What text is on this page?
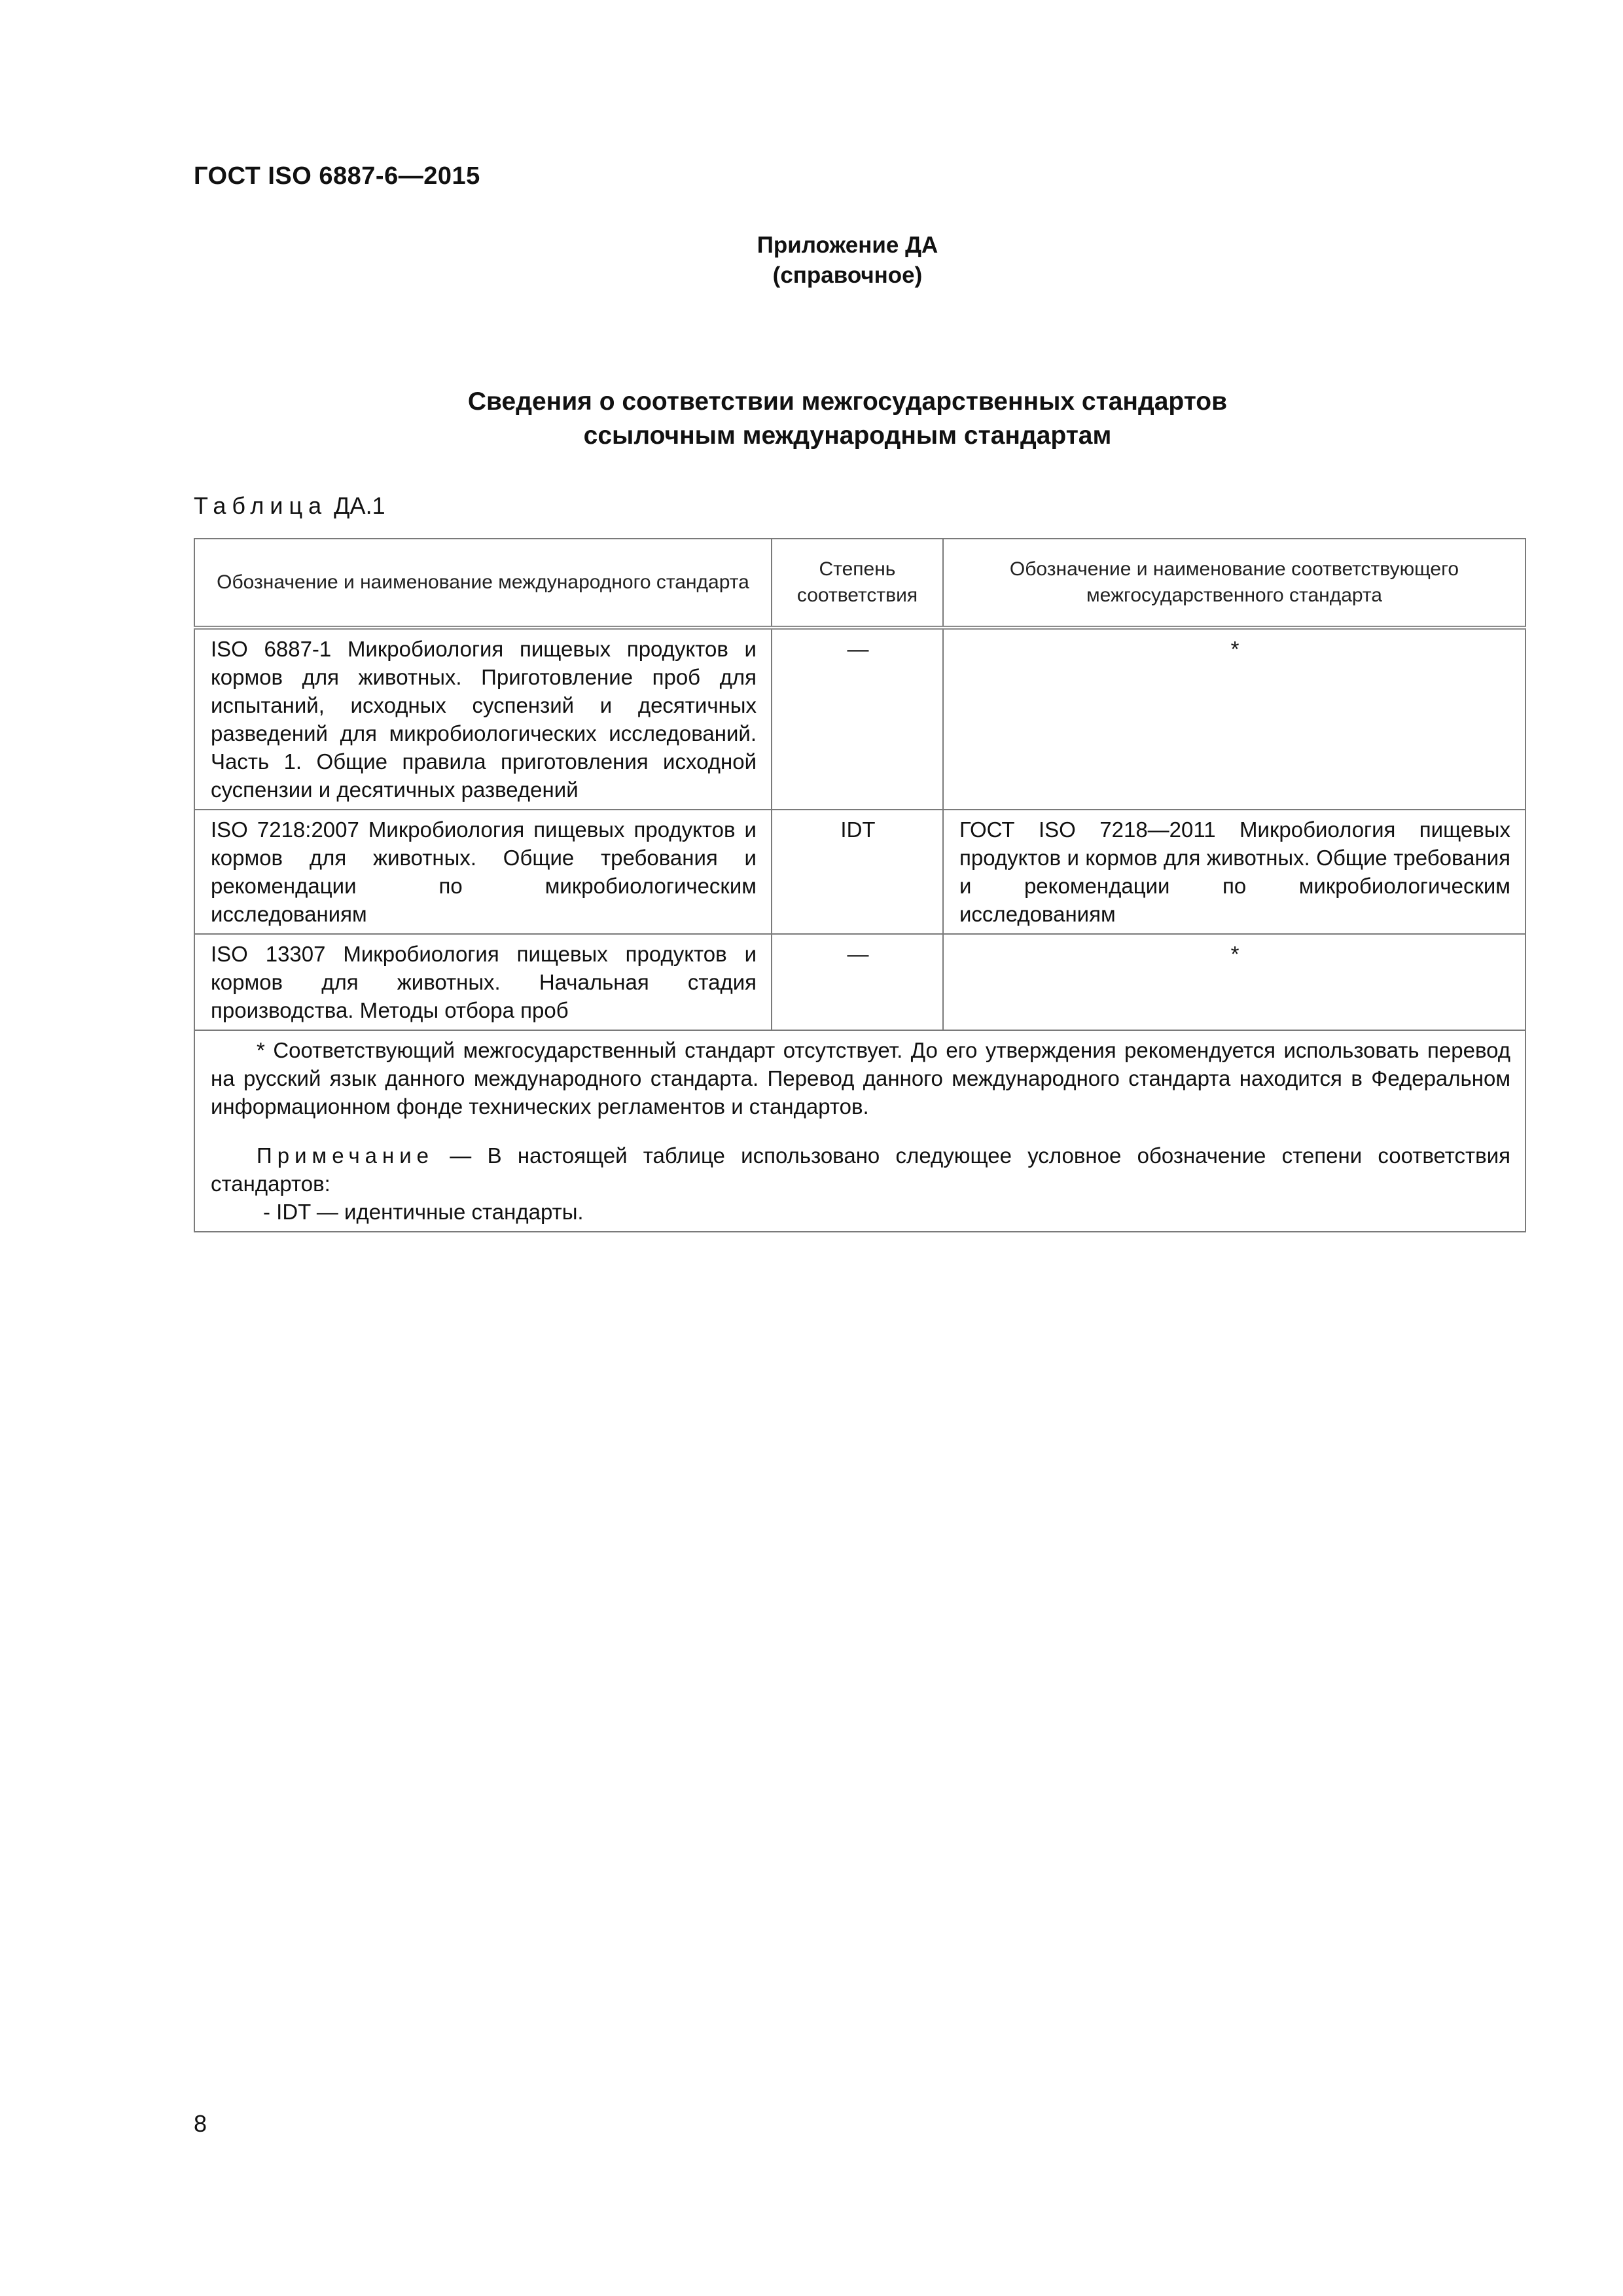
ГОСТ ISO 6887-6—2015
Приложение ДА
(справочное)
Сведения о соответствии межгосударственных стандартов
ссылочным международным стандартам
Таблица ДА.1
Обозначение и наименование международного стандарта	Степень соответствия	Обозначение и наименование соответствующего межгосударственного стандарта
ISO 6887-1 Микробиология пищевых продуктов и кормов для животных. Приготовление проб для испытаний, исходных суспензий и десятичных разведений для микробиологических исследований. Часть 1. Общие правила приготовления исходной суспензии и десятичных разведений	—	*
ISO 7218:2007 Микробиология пищевых продуктов и кормов для животных. Общие требования и рекомендации по микробиологическим исследованиям	IDT	ГОСТ ISO 7218—2011 Микробиология пищевых продуктов и кормов для животных. Общие требования и рекомендации по микробиологическим исследованиям
ISO 13307 Микробиология пищевых продуктов и кормов для животных. Начальная стадия производства. Методы отбора проб	—	*

* Соответствующий межгосударственный стандарт отсутствует. До его утверждения рекомендуется использовать перевод на русский язык данного международного стандарта. Перевод данного международного стандарта находится в Федеральном информационном фонде технических регламентов и стандартов.

Примечание — В настоящей таблице использовано следующее условное обозначение степени соответствия стандартов:

- IDT — идентичные стандарты.		

8
